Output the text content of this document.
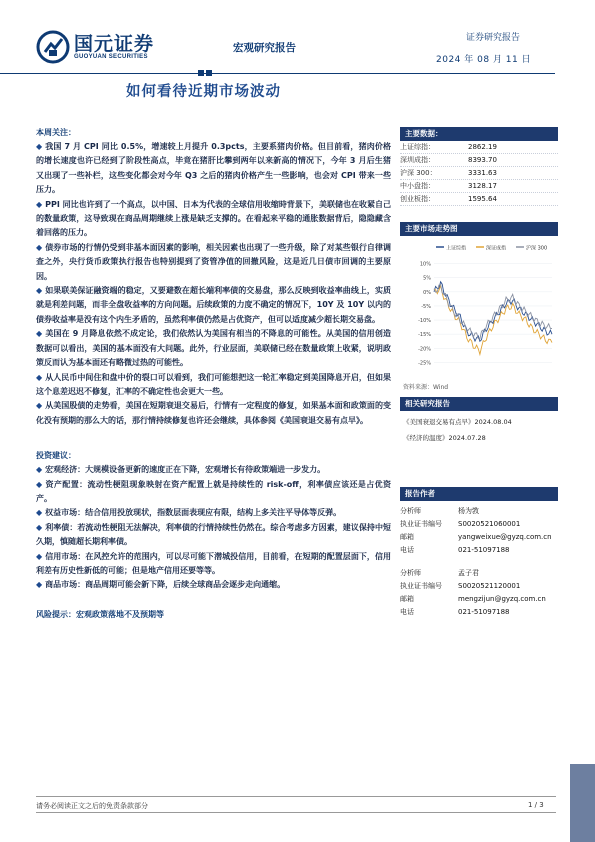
国元证券
GUOYUAN SECURITIES
宏观研究报告
证券研究报告
2024 年 08 月 11 日
如何看待近期市场波动
本周关注：
◆ 我国 7 月 CPI 同比 0.5%，增速较上月提升 0.3pcts，主要系猪肉价格。但目前看，猪肉价格的增长速度也许已经到了阶段性高点，毕竟在猪肝比攀到两年以来新高的情况下，今年 3 月后生猪又出现了一些补栏，这些变化都会对今年 Q3 之后的猪肉价格产生一些影响，也会对 CPI 带来一些压力。
◆ PPI 同比也许到了一个高点，以中国、日本为代表的全球信用收缩時背景下，美联储也在收紧自己的数量政策，这导致现在商品周期继续上涨是缺乏支撑的。在看起来平稳的通胀数据背后，隐隐藏含着回落的压力。
◆ 债券市场的行情仍受到非基本面因素的影响，相关因素也出现了一些升级，除了对某些银行自律调查之外，央行货币政策执行报告也特别提到了资管净值的回撤风险，这是近几日债市回调的主要原因。
◆ 如果联美保证融资端的稳定，又要避数在超长端利率债的交易盘，那么反映到收益率曲线上，实质就是利差问题，而非全盘收益率的方向问题。后续政策的力度不确定的情况下，10Y 及 10Y 以内的债券收益率是没有这个内生矛盾的，虽然利率债仍然是占优资产，但可以适度减少超长期交易盘。
◆ 美国在 9 月降息依然不成定论，我们依然认为美国有相当的不降息的可能性。从美国的信用创造数据可以看出，美国的基本面没有大问题。此外，行业层面，美联储已经在数量政策上收紧，说明政策反而认为基本面还有略微过热的可能性。
◆ 从人民币中间住和盘中价的裂口可以看到，我们可能想把这一轮汇率稳定到美国降息开启，但如果这个息差迟迟不修复，汇率的不确定性也会更大一些。
◆ 从美国股债的走势看，美国在短期衰退交易后，行情有一定程度的修复，如果基本面和政策面的变化没有预期的那么大的话，那行情持续修复也许还会继续，具体参阅《美国衰退交易有点早》。
投资建议：
◆ 宏观经济：大规模设备更新的速度正在下降，宏观增长有待政策端进一步发力。
◆ 资产配置：流动性梗阻现象映射在资产配置上就是持续性的 risk-off，利率债应该还是占优资产。
◆ 权益市场：结合信用投放现状，指数层面表现应有限，结构上多关注平导体等反弹。
◆ 利率债：若流动性梗阻无法解决，利率债的行情持续性仍然在。综合考虑多方因素，建议保持中短久期，慎随超长期利率债。
◆ 信用市场：在风控允许的范围内，可以尽可能下潜城投信用，目前看，在短期的配置层面下，信用利差有历史性新低的可能；但是地产信用还要等等。
◆ 商品市场：商品周期可能会新下降，后续全球商品会逐步走向通缩。
风险提示：宏观政策落地不及预期等
主要数据：
上证综指：	2862.19
深圳成指：	8393.70
沪深 300：	3331.63
中小盘指：	3128.17
创业板指：	1595.64
主要市场走势图
上证综指	深证成指	沪深 300
10%
5%
0%
-5%
-10%
-15%
-20%
-25%
资料来源：Wind
相关研究报告
《美国衰退交易有点早》2024.08.04
《经济的温度》2024.07.28
报告作者
分析师	杨为敩
执业证书编号	S0020521060001
邮箱	yangweixue@gyzq.com.cn
电话	021-51097188
分析师	孟子君
执业证书编号	S0020521120001
邮箱	mengzijun@gyzq.com.cn
电话	021-51097188
请务必阅读正文之后的免责条款部分	1 / 3
